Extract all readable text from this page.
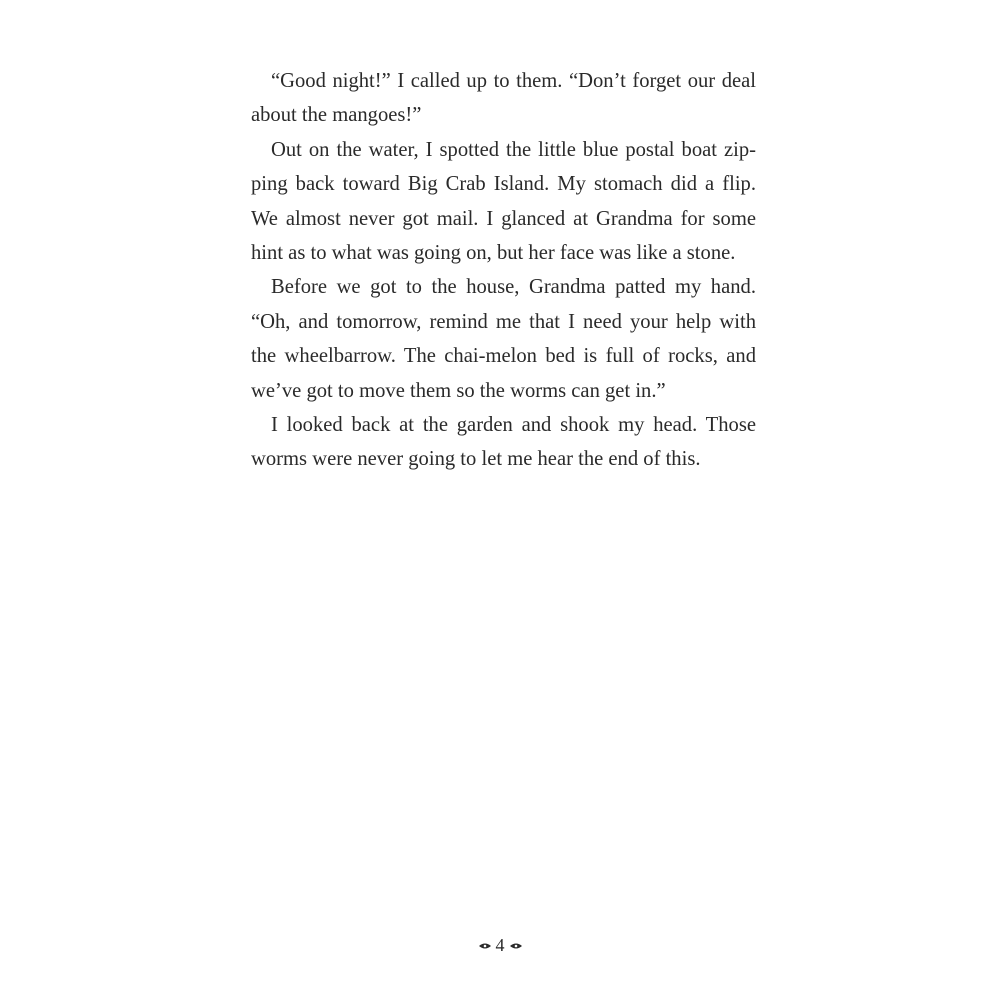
“Good night!” I called up to them. “Don’t forget our deal
about the mangoes!”

Out on the water, I spotted the little blue postal boat zip-
ping back toward Big Crab Island. My stomach did a flip.
We almost never got mail. I glanced at Grandma for some
hint as to what was going on, but her face was like a stone.

Before we got to the house, Grandma patted my hand.
“Oh, and tomorrow, remind me that I need your help with
the wheelbarrow. The chai-melon bed is full of rocks, and
we’ve got to move them so the worms can get in.”

I looked back at the garden and shook my head. Those
worms were never going to let me hear the end of this.

4
